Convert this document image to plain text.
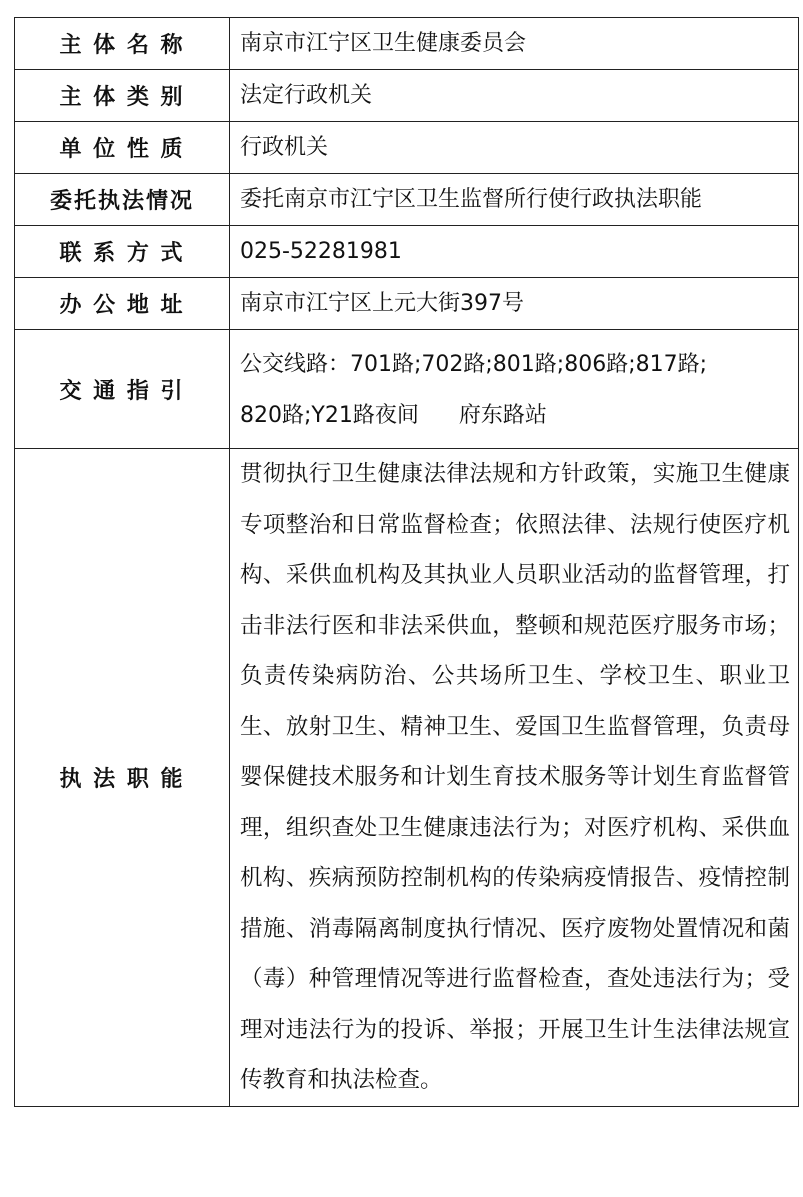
主 体 名 称	南京市江宁区卫生健康委员会
主 体 类 别	法定行政机关
单 位 性 质	行政机关
委托执法情况	委托南京市江宁区卫生监督所行使行政执法职能
联 系 方 式	025-52281981
办 公 地 址	南京市江宁区上元大街397号
交 通 指 引	公交线路：701路;702路;801路;806路;817路;
820路;Y21路夜间 府东路站

执 法 职 能	贯彻执行卫生健康法律法规和方针政策，实施卫生健康专项整治和日常监督检查；依照法律、法规行使医疗机构、采供血机构及其执业人员职业活动的监督管理，打击非法行医和非法采供血，整顿和规范医疗服务市场；负责传染病防治、公共场所卫生、学校卫生、职业卫生、放射卫生、精神卫生、爱国卫生监督管理，负责母婴保健技术服务和计划生育技术服务等计划生育监督管理，组织查处卫生健康违法行为；对医疗机构、采供血机构、疾病预防控制机构的传染病疫情报告、疫情控制措施、消毒隔离制度执行情况、医疗废物处置情况和菌（毒）种管理情况等进行监督检查，查处违法行为；受理对违法行为的投诉、举报；开展卫生计生法律法规宣传教育和执法检查。
